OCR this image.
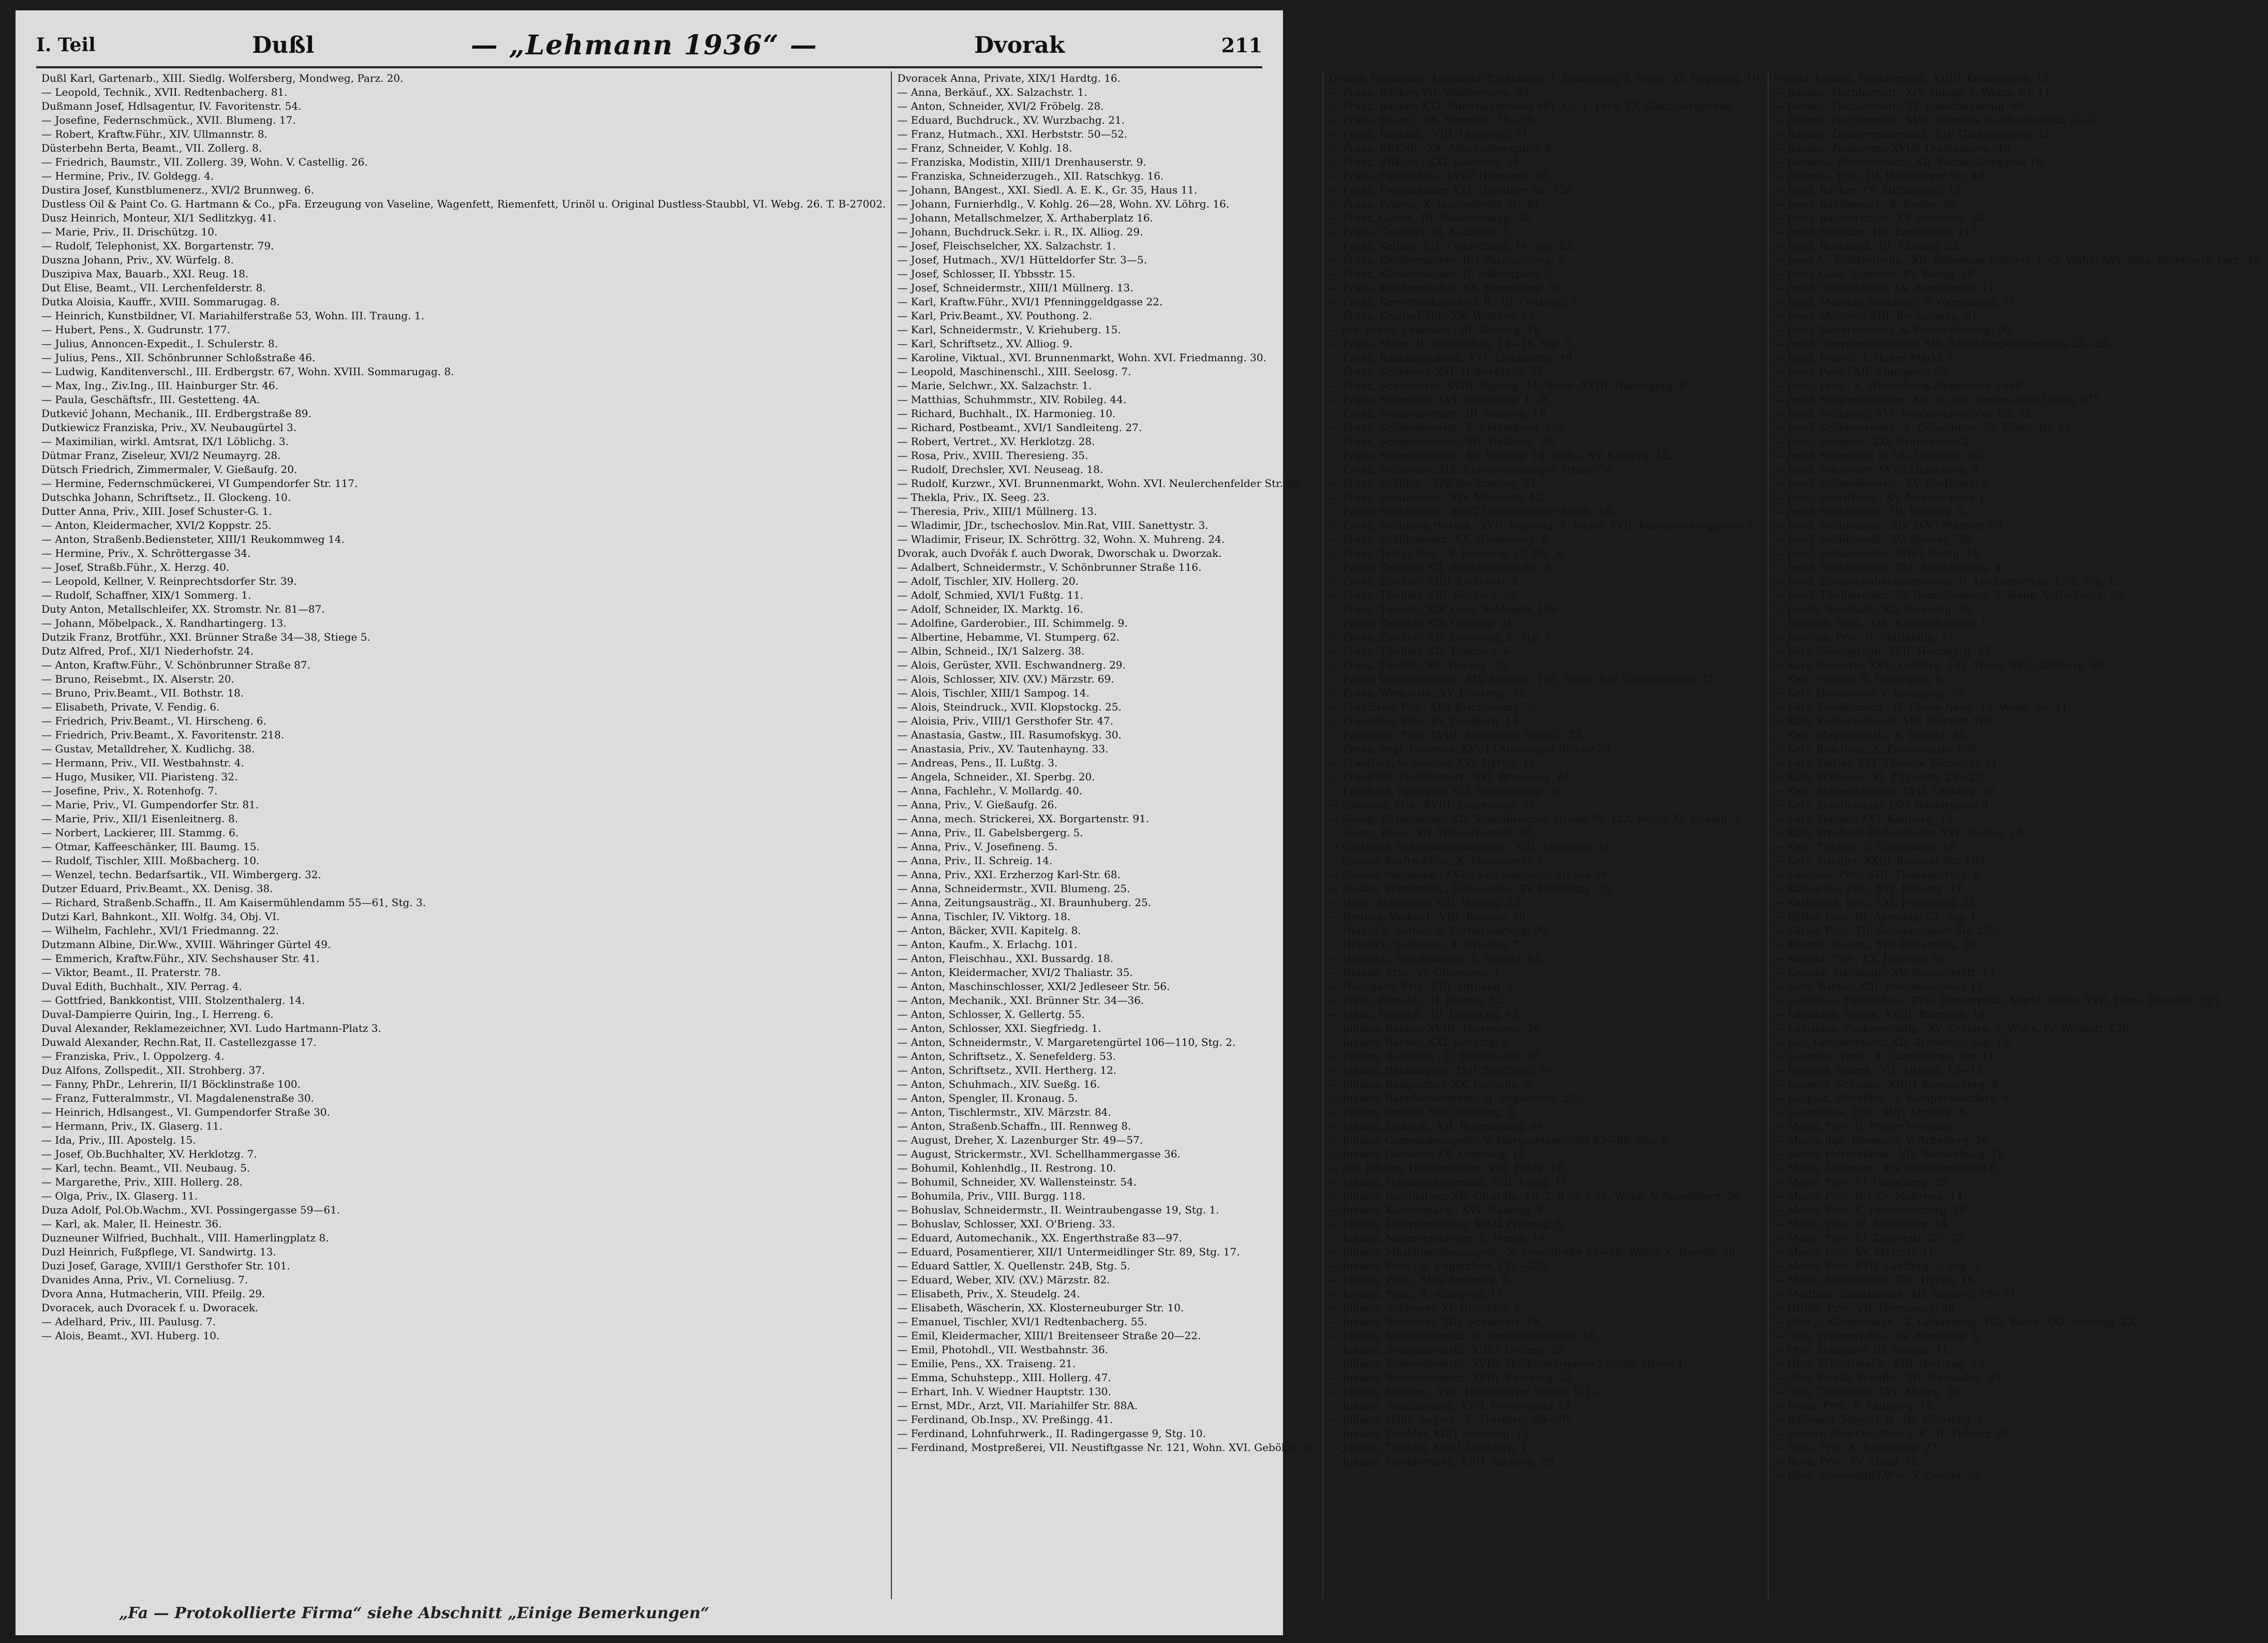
I. Teil	Dußl	— „Lehmann 1936“ —	Dvorak	211

Dußl Karl, Gartenarb., XIII. Siedlg. Wolfersberg, Mondweg, Parz. 20.

— Leopold, Technik., XVII. Redtenbacherg. 81.

Dußmann Josef, Hdlsagentur, IV. Favoritenstr. 54.

— Josefine, Federnschmück., XVII. Blumeng. 17.

— Robert, Kraftw.Führ., XIV. Ullmannstr. 8.

Düsterbehn Berta, Beamt., VII. Zollerg. 8.

— Friedrich, Baumstr., VII. Zollerg. 39, Wohn. V. Castellig. 26.

— Hermine, Priv., IV. Goldegg. 4.

Dustira Josef, Kunstblumenerz., XVI/2 Brunnweg. 6.

Dustless Oil & Paint Co. G. Hartmann & Co., pFa. Erzeugung von Vaseline, Wagenfett, Riemenfett, Urinöl u. Original Dustless-Staubbl, VI. Webg. 26. T. B-27002.

Dusz Heinrich, Monteur, XI/1 Sedlitzkyg. 41.

— Marie, Priv., II. Drischützg. 10.

— Rudolf, Telephonist, XX. Borgartenstr. 79.

Duszna Johann, Priv., XV. Würfelg. 8.

Duszipiva Max, Bauarb., XXI. Reug. 18.

Dut Elise, Beamt., VII. Lerchenfelderstr. 8.

Dutka Aloisia, Kauffr., XVIII. Sommarugag. 8.

— Heinrich, Kunstbildner, VI. Mariahilferstraße 53, Wohn. III. Traung. 1.

— Hubert, Pens., X. Gudrunstr. 177.

— Julius, Annoncen-Expedit., I. Schulerstr. 8.

— Julius, Pens., XII. Schönbrunner Schloßstraße 46.

— Ludwig, Kanditenverschl., III. Erdbergstr. 67, Wohn. XVIII. Sommarugag. 8.

— Max, Ing., Ziv.Ing., III. Hainburger Str. 46.

— Paula, Geschäftsfr., III. Gestetteng. 4A.

Dutkević Johann, Mechanik., III. Erdbergstraße 89.

Dutkiewicz Franziska, Priv., XV. Neubaugürtel 3.

— Maximilian, wirkl. Amtsrat, IX/1 Löblichg. 3.

Dütmar Franz, Ziseleur, XVI/2 Neumayrg. 28.

Dütsch Friedrich, Zimmermaler, V. Gießaufg. 20.

— Hermine, Federnschmückerei, VI Gumpendorfer Str. 117.

Dutschka Johann, Schriftsetz., II. Glockeng. 10.

Dutter Anna, Priv., XIII. Josef Schuster-G. 1.

— Anton, Kleidermacher, XVI/2 Koppstr. 25.

— Anton, Straßenb.Bediensteter, XIII/1 Reukommweg 14.

— Hermine, Priv., X. Schröttergasse 34.

— Josef, Straßb.Führ., X. Herzg. 40.

— Leopold, Kellner, V. Reinprechtsdorfer Str. 39.

— Rudolf, Schaffner, XIX/1 Sommerg. 1.

Duty Anton, Metallschleifer, XX. Stromstr. Nr. 81—87.

— Johann, Möbelpack., X. Randhartingerg. 13.

Dutzik Franz, Brotführ., XXI. Brünner Straße 34—38, Stiege 5.

Dutz Alfred, Prof., XI/1 Niederhofstr. 24.

— Anton, Kraftw.Führ., V. Schönbrunner Straße 87.

— Bruno, Reisebmt., IX. Alserstr. 20.

— Bruno, Priv.Beamt., VII. Bothstr. 18.

— Elisabeth, Private, V. Fendig. 6.

— Friedrich, Priv.Beamt., VI. Hirscheng. 6.

— Friedrich, Priv.Beamt., X. Favoritenstr. 218.

— Gustav, Metalldreher, X. Kudlichg. 38.

— Hermann, Priv., VII. Westbahnstr. 4.

— Hugo, Musiker, VII. Piaristeng. 32.

— Josefine, Priv., X. Rotenhofg. 7.

— Marie, Priv., VI. Gumpendorfer Str. 81.

— Marie, Priv., XII/1 Eisenleitnerg. 8.

— Norbert, Lackierer, III. Stammg. 6.

— Otmar, Kaffeeschänker, III. Baumg. 15.

— Rudolf, Tischler, XIII. Moßbacherg. 10.

— Wenzel, techn. Bedarfsartik., VII. Wimbergerg. 32.

Dutzer Eduard, Priv.Beamt., XX. Denisg. 38.

— Richard, Straßenb.Schaffn., II. Am Kaisermühlendamm 55—61, Stg. 3.

Dutzi Karl, Bahnkont., XII. Wolfg. 34, Obj. VI.

— Wilhelm, Fachlehr., XVI/1 Friedmanng. 22.

Dutzmann Albine, Dir.Ww., XVIII. Währinger Gürtel 49.

— Emmerich, Kraftw.Führ., XIV. Sechshauser Str. 41.

— Viktor, Beamt., II. Praterstr. 78.

Duval Edith, Buchhalt., XIV. Perrag. 4.

— Gottfried, Bankkontist, VIII. Stolzenthalerg. 14.

Duval-Dampierre Quirin, Ing., I. Herreng. 6.

Duval Alexander, Reklamezeichner, XVI. Ludo Hartmann-Platz 3.

Duwald Alexander, Rechn.Rat, II. Castellezgasse 17.

— Franziska, Priv., I. Oppolzerg. 4.

Duz Alfons, Zollspedit., XII. Strohberg. 37.

— Fanny, PhDr., Lehrerin, II/1 Böcklinstraße 100.

— Franz, Futteralmmstr., VI. Magdalenenstraße 30.

— Heinrich, Hdlsangest., VI. Gumpendorfer Straße 30.

— Hermann, Priv., IX. Glaserg. 11.

— Ida, Priv., III. Apostelg. 15.

— Josef, Ob.Buchhalter, XV. Herklotzg. 7.

— Karl, techn. Beamt., VII. Neubaug. 5.

— Margarethe, Priv., XIII. Hollerg. 28.

— Olga, Priv., IX. Glaserg. 11.

Duza Adolf, Pol.Ob.Wachm., XVI. Possingergasse 59—61.

— Karl, ak. Maler, II. Heinestr. 36.

Duzneuner Wilfried, Buchhalt., VIII. Hamerlingplatz 8.

Duzl Heinrich, Fußpflege, VI. Sandwirtg. 13.

Duzi Josef, Garage, XVIII/1 Gersthofer Str. 101.

Dvanides Anna, Priv., VI. Corneliusg. 7.

Dvora Anna, Hutmacherin, VIII. Pfeilg. 29.

Dvoracek, auch Dvoracek f. u. Dworacek.

— Adelhard, Priv., III. Paulusg. 7.

— Alois, Beamt., XVI. Huberg. 10.

Dvoracek Anna, Private, XIX/1 Hardtg. 16.

— Anna, Berkäuf., XX. Salzachstr. 1.

— Anton, Schneider, XVI/2 Fröbelg. 28.

— Eduard, Buchdruck., XV. Wurzbachg. 21.

— Franz, Hutmach., XXI. Herbststr. 50—52.

— Franz, Schneider, V. Kohlg. 18.

— Franziska, Modistin, XIII/1 Drenhauserstr. 9.

— Franziska, Schneiderzugeh., XII. Ratschkyg. 16.

— Johann, BAngest., XXI. Siedl. A. E. K., Gr. 35, Haus 11.

— Johann, Furnierhdlg., V. Kohlg. 26—28, Wohn. XV. Löhrg. 16.

— Johann, Metallschmelzer, X. Arthaberplatz 16.

— Johann, Buchdruck.Sekr. i. R., IX. Alliog. 29.

— Josef, Fleischselcher, XX. Salzachstr. 1.

— Josef, Hutmach., XV/1 Hütteldorfer Str. 3—5.

— Josef, Schlosser, II. Ybbsstr. 15.

— Josef, Schneidermstr., XIII/1 Müllnerg. 13.

— Karl, Kraftw.Führ., XVI/1 Pfenninggeldgasse 22.

— Karl, Priv.Beamt., XV. Pouthong. 2.

— Karl, Schneidermstr., V. Kriehuberg. 15.

— Karl, Schriftsetz., XV. Alliog. 9.

— Karoline, Viktual., XVI. Brunnenmarkt, Wohn. XVI. Friedmanng. 30.

— Leopold, Maschinenschl., XIII. Seelosg. 7.

— Marie, Selchwr., XX. Salzachstr. 1.

— Matthias, Schuhmmstr., XIV. Robileg. 44.

— Richard, Buchhalt., IX. Harmonieg. 10.

— Richard, Postbeamt., XVI/1 Sandleiteng. 27.

— Robert, Vertret., XV. Herklotzg. 28.

— Rosa, Priv., XVIII. Theresieng. 35.

— Rudolf, Drechsler, XVI. Neuseag. 18.

— Rudolf, Kurzwr., XVI. Brunnenmarkt, Wohn. XVI. Neulerchenfelder Str. 38.

— Thekla, Priv., IX. Seeg. 23.

— Theresia, Priv., XIII/1 Müllnerg. 13.

— Wladimir, JDr., tschechoslov. Min.Rat, VIII. Sanettystr. 3.

— Wladimir, Friseur, IX. Schröttrg. 32, Wohn. X. Muhreng. 24.

Dvorak, auch Dvořák f. auch Dworak, Dworschak u. Dworzak.

— Adalbert, Schneidermstr., V. Schönbrunner Straße 116.

— Adolf, Tischler, XIV. Hollerg. 20.

— Adolf, Schmied, XVI/1 Fußtg. 11.

— Adolf, Schneider, IX. Marktg. 16.

— Adolfine, Garderobier., III. Schimmelg. 9.

— Albertine, Hebamme, VI. Stumperg. 62.

— Albin, Schneid., IX/1 Salzerg. 38.

— Alois, Gerüster, XVII. Eschwandnerg. 29.

— Alois, Schlosser, XIV. (XV.) Märzstr. 69.

— Alois, Tischler, XIII/1 Sampog. 14.

— Alois, Steindruck., XVII. Klopstockg. 25.

— Aloisia, Priv., VIII/1 Gersthofer Str. 47.

— Anastasia, Gastw., III. Rasumofskyg. 30.

— Anastasia, Priv., XV. Tautenhayng. 33.

— Andreas, Pens., II. Lußtg. 3.

— Angela, Schneider., XI. Sperbg. 20.

— Anna, Fachlehr., V. Mollardg. 40.

— Anna, Priv., V. Gießaufg. 26.

— Anna, mech. Strickerei, XX. Borgartenstr. 91.

— Anna, Priv., II. Gabelsbergerg. 5.

— Anna, Priv., V. Josefineng. 5.

— Anna, Priv., II. Schreig. 14.

— Anna, Priv., XXI. Erzherzog Karl-Str. 68.

— Anna, Schneidermstr., XVII. Blumeng. 25.

— Anna, Zeitungsausträg., XI. Braunhuberg. 25.

— Anna, Tischler, IV. Viktorg. 18.

— Anton, Bäcker, XVII. Kapitelg. 8.

— Anton, Kaufm., X. Erlachg. 101.

— Anton, Fleischhau., XXI. Bussardg. 18.

— Anton, Kleidermacher, XVI/2 Thaliastr. 35.

— Anton, Maschinschlosser, XXI/2 Jedleseer Str. 56.

— Anton, Mechanik., XXI. Brünner Str. 34—36.

— Anton, Schlosser, X. Gellertg. 55.

— Anton, Schlosser, XXI. Siegfriedg. 1.

— Anton, Schneidermstr., V. Margaretengürtel 106—110, Stg. 2.

— Anton, Schriftsetz., X. Senefelderg. 53.

— Anton, Schriftsetz., XVII. Hertherg. 12.

— Anton, Schuhmach., XIV. Sueßg. 16.

— Anton, Spengler, II. Kronaug. 5.

— Anton, Tischlermstr., XIV. Märzstr. 84.

— Anton, Straßenb.Schaffn., III. Rennweg 8.

— August, Dreher, X. Lazenburger Str. 49—57.

— August, Strickermstr., XVI. Schellhammergasse 36.

— Bohumil, Kohlenhdlg., II. Restrong. 10.

— Bohumil, Schneider, XV. Wallensteinstr. 54.

— Bohumila, Priv., VIII. Burgg. 118.

— Bohuslav, Schneidermstr., II. Weintraubengasse 19, Stg. 1.

— Bohuslav, Schlosser, XXI. O'Brieng. 33.

— Eduard, Automechanik., XX. Engerthstraße 83—97.

— Eduard, Posamentierer, XII/1 Untermeidlinger Str. 89, Stg. 17.

— Eduard Sattler, X. Quellenstr. 24B, Stg. 5.

— Eduard, Weber, XIV. (XV.) Märzstr. 82.

— Elisabeth, Priv., X. Steudelg. 24.

— Elisabeth, Wäscherin, XX. Klosterneuburger Str. 10.

— Emanuel, Tischler, XVI/1 Redtenbacherg. 55.

— Emil, Kleidermacher, XIII/1 Breitenseer Straße 20—22.

— Emil, Photohdl., VII. Westbahnstr. 36.

— Emilie, Pens., XX. Traiseng. 21.

— Emma, Schuhstepp., XIII. Hollerg. 47.

— Erhart, Inh. V. Wiedner Hauptstr. 130.

— Ernst, MDr., Arzt, VII. Mariahilfer Str. 88A.

— Ferdinand, Ob.Insp., XV. Preßingg. 41.

— Ferdinand, Lohnfuhrwerk., II. Radingergasse 9, Stg. 10.

— Ferdinand, Mostpreßerei, VII. Neustiftgasse Nr. 121, Wohn. XVI. Gebökg. 38.

Dvorak Ferdinand, Automobil-Ersatzteile, I. Stubenring 2, Wohn. XI. Dopplerg. 10.

— Franz, Bäcker, VII. Wimbergerg. 23.

— Franz, Bäcker, XXI. Biberhaufenweg 481, Gr. 1, Parz. 27, Glattauergründe.

— Franz, Beamt., XX. Stromstr. 74—76.

— Franz, Buchbdl., VIII. Lercheng. 11.

— Franz, BBKrdl., XX. Allerheiligenplatz 8.

— Franz, BBKvid., XXI. Kolonistr. 54.

— Franz, Fleischhau., XVI/2 Hasnerstr. 91.

— Franz, Fleischhauer, XXI. Dresdner Str. 126.

— Franz, Friseur, X. Inzersdorfer Str. 81.

— Franz, Gastw., III. Rasumofskyg. 30.

— Franz, Gastwirt, VI. Kaunitzg. 1.

— Franz, Kellner, XIX. Obkircherg. 16, Stg. 12.

— Franz, Kleidermacher, II/1 Pazmaniteng. 2.

— Franz, Kleidermacher, II. Volkertplatz 5.

— Franz, Kleidermacher, XX. Hannoverg. 16.

— Franz, Korvettenkapitän i. R., III. Oetzeltg. 3.

— Franz, Kraftw.Führ., XX. Winterg. 14.

— jun. Franz, Lebensm., III. Reinerg. 18.

— Franz, Maler, II. Wolmuthstr. 14—16, Stg. 5.

— Franz, Rauchfangkehr., XVI. Liebhardtg. 49.

— Franz, Schlosser, XXI. Hubertusstr. 32.

— Franz, Schlosserei, XVIII. Riglerg. 14, Wohn. XVIII. Haizingerg. 8.

— Franz, Schneider, XVI. Domanigg. 1—9.

— Franz, Schneidermstr., III. Reinerg. 18.

— Franz, Schneidermstr., X. Columbusg. 102.

— Franz, Schneidermstr., XII. Wallaitig. 20.

— Franz, Schneidermstr., XV. Spaung. 14, Wohn. XV. Kluckyg. 12.

— Franz, Schneider, XIX. Klosterneuburger Straße 56.

— Franz, Schuhm., XIV. Beckmanng. 21.

— Franz, Schuhmach., XIV. Meiselstr. 43.

— Franz, Schuhmach., XVI/2 Lerchenfelder Straße 68.

— Franz, Schuhrep.Werkst., XVII. Kapitelg. 8, Wohn. XVII. Kalvarienberggasse 8.

— Franz, Schuhmmstr., XX. Hannoverg. 6.

— Franz, Telegr.Insp., X. Kennerg. 10, Stg. 6.

— Franz, Tischler, XII. Breitenfurter Str. 4.

— Franz, Tischler, XII/1 Eichenstr. 8.

— Franz, Tischler, XIII. Ruckerg. 20.

— Franz, Tischler, XIV. Gold. Schlagstr. 126.

— Franz, Tischler, XIV. Grimmg. 21.

— Franz, Tischler, XIV. Oelweing. 6, Stg. 2.

— Franz, Tischler, XIV. Pantzerg. 6.

— Franz, Tischler, XV. Spaung. 23.

— Franz, Viktualienhdlg., XIV. Märzstr. 120, Wohn. XIV. Goldschlagstr. 22.

— Franz, Werkmstr., XV. Hackeng. 22.

— Franziska, Priv., XI/1 Krichbaumg. 7.

— Franziska, Priv., XV. Denglerg. 14.

— Franziska, Priv., XVIII. Anastasius Grün-G. 23.

— Freda, engl. Lehrerin, XVI/1 Ottakringer Straße 20.

— Friedrich, Schneider, XVI. Hyrtlg. 14.

— Friedrich, Tischlermstr., XVI. Brunneng. 64.

— Friedrich, Spengler, XVI. Grundsteing. 38.

— Gabriele, Priv., XVIII. Theresieng. 46.

— Georg, Futtermittel, XII. Schönbrunner Straße Nr. 122, Wohn. XI. Ehamg. 4.

— Georg, Pens., XII. Wienerbergstr. 26.

— Gottfried, Schlafwagenkontroll., XIII. Antaeusg. 31.

— Gustav, Kraftw.Führ., X. Thrnauer G. 4.

— Gustav, Mechanik., XVI/2 Lerchenfelder Straße 39.

— Gustav, Schriftstell., Schauspiel., XV. Herklotzg. 25.

— Hans, Schneider, XIII. Hollerg. 23.

— Hedwig, Verkäuf., VIII. Bennog. 30.

— Heinrich, Sattler, X. Pernerstorferg. 90.

— Heinrich, Schlosser, X. Erlachg. 7.

— Heinrich, Schuhmmstr., X. Davidg. 62.

— Helene, Priv., VI. Gfrornerg. 4.

— Hildegard, Priv., VIII. Ottliebg. 1.

— Jakob, Postabjt., II. Baumg. 52.

— Jakob, Postabjt., III. Dietrichg. 45.

— Johann, Bäcker, XVIII. Theresieng. 28.

— Johann, Bäcker, XXI. Schulzg. 5.

— Johann, Badedien., II. Schüttaustr. 67.

— Johann, Bankangest., IX/1 Bleicherg. 10.

— Johann, Baugeidner, XX. Pielachg. 3.

— Johann, Bahnbediensteter, II. Engerthstr. 203.

— Johann, Dreher, XIV. Ohdoferg. 8.

— Johann, Elektrik., XII. Rotenmühlg. 64.

— Johann, Gemeindeangest., V. Margaretengürtel 82—88, Stg. 5.

— Johann, Gerüster, XX. Othmarg. 16.

— jun. Johann, Holzdrechsler, VIII. Feldg. 19.

— Johann, Holzdrechslermstr., VIII. Feldg. 19.

— Johann, Installateur, XII. Girardig. 10, T. B-29-7-41, Wohn. V. Angeliberg. 30.

— Johann, Kleidermach., XVI. Haberlg. 8.

— Johann, Laternenwärter, XIX/2 Probusg. 6.

— Johann, Marmorschleifer, X. Herzg. 14.

— Johann, Maschinenbauangest., X. Troststraße 94—96, Wohn. X. Davidg. 96.

— Johann, Pens., II. Engerthstr. 231—233.

— Johann, Pens., XII/2 Severing. 6.

— Johann, Pens., X. Altingerg. 18.

— Johann, Schlosser, XI. Drischüg. 6.

— Johann, Schlosser, XIII. Schanzstr. 19.

— Johann, Schneidermstr., II. Arnezhoferstraße 10.

— Johann, Schneidermstr., XIII/1 Hollerg. 23.

— Johann, Schneidermstr., XVI/2 Thalhaimergasse 32—38, Stiege 1.

— Johann, Schneidermstr., XVIII. Edelhofg. 22.

— Johann, Schuhm., VIII. Hütteldorfer Straße 111a.

— Johann, Schuhmmstr., XVII. Dornerplatz 13.

— Johann, städt. Angest., X. Trostbstr. 68—70.

— Johann, Tischler, XII/1 Sechterg. 15.

— Johann, Tischler, XIV/1 Dunklerg. 1.

— Johann, Tischlermstr., XII/1 Ruckerg. 29.

Dvorak Johann, Tischlermstr., XIII/1 Klenmayerg. 19.

— Johann, Tischlermstr., XIV. Huglg. 9, Wohn. Nr. 11.

— Johann, Tischlermstr., XV. Loeschenkohlg. 40.

— Johann, Tischlermstr., XVII. Clemens Hoffbauer-Platz 2—3.

— Johann, Zimmermalermstr., XIV. Goldschlagstr. 22.

— Johann, Zimmerm., XVI/2 Thalhaimerg. 49.

— Johanna, Blumenmach., XII. Pachmüllergasse 16.

— Johanna, Priv., III. Hainburger Str. 48.

— Josef, Bäcker, XV. Stiftsbachg. 13.

— Josef, Bahnbeamt., X. Keebg. 20.

— Josef, Bauwerkführ., XV. Deublerg. 40.

— Josef, Brotführ., II/1 Engerthstr. 217.

— Josef, Buchbind., III. Khunng. 22.

— Josef A., Elektrotechn., XII. Sebastian Kelch-G. 1—3, Wohn. XVI. Sdlg. Montleart, Parz. 49.

— Josef, Gold. Schmied, XV. Burgg. 58.

— Josef, Goldschmied, XV. Burghardtg. 12.

— Josef, Maschin.Schlosser, V. Vogelsangg. 31.

— Josef, Monteur, XIII. Beckmanng. 61.

— Josef, Nachtwächter, X. Pernerstorferg. 90.

— Josef, Opernbediensteter, XIV. Rauchfangkehrergasse 23—25.

— Josef, Pelzwr., I. Hoher Markt 3.

— Josef, Pens., XII. Stumperg. 62.

— Josef, Pens., X. Wienerberg-Ziegelwerk 146B.

— Josef, Schirmdrechsler, XII. An der oberen alten Donau 871.

— Josef, Schlosser, XVI. Neulerchenfelder Str. 82.

— Josef, Schlossermstr., X. Columbusg. 70, Wohn. Nr. 65.

— Josef, Schmied, XXI. Brunnenhof 2.

— Josef, Schneider, II. Ob. Donaustr. 63.

— Josef, Schneider, XVI/2 Habicherg. 4.

— Josef, Schneidermstr., XV. Pouthong. 2.

— Josef, Schriftsetz., XV. Neusserplatz 1.

— Josef, Schuhmach., III. Paulusg. 5.

— Josef, Schuhmach., XIV. (XV.) Märzstr. 69.

— Josef, Schuhmach., XV. Spaung. 38.

— Josef, Schuhmmstr., XIII/1 Rissig. 15.

— Josef, Schuhmmstr., XVI. Birdhetterng. 4.

— Josef, Straßenbahnbediensteter, II. Lechnerstraße 1—5, Stg. 1.

— Josef, Tischlermstr., VI. Dominikanerg. 9, Wohn. V. Gießaufg. 26.

— Josefa, Buchhalt., XII. Bivenotg. 20.

— Josefine, Pens., XIX. Krottenbachstr. 1.

— Josefine, Priv., II. Marinellig. 17.

— Karl, Chemigraph, XVII. Hormayrg. 27.

— Karl, Drogerie, XVII. Geblerg. 102, Wohn. XVI. Gablenzg. 64.

— Karl, Friseur, II. Pauluspatz 9.

— Karl, Hutmacher, V. Spengerg. 52.

— Karl, Kleidermach., IV. Obere Neug. 15, Wohn. Nr. 11.

— Karl, Kupferschmied, XIV. Märzstr. 108.

— Karl, Magazinsarb., X. Davidg. 34.

— Karl, Ran.Insp., X. Favoritenstr. 158.

— Karl, Sattler, XVI. Theodor Körner-G. 24.

— Karl, Schlosser, XI. Zipperstr. 23—27.

— Karl, Schneidermstr., XVII. Lackerg. 36.

— Karl, Schriftsetzer, IX/1 Bindergasse 4.

— Karl, Selcher, XVI. Kaltnerg. 13.

— Karl, Straßenb.Bediensteter, XVI. Ovellig. 15.

— Karl, Tischler, V. Einsiedlerg. 19.

— Karl, Tischler, XXI/1 Brünner Str. 103.

— Karoline, Priv., XIII. Tiefendorferg. 8.

— Katharina, Priv., XVI. Römerg. 17.

— Katharina, Priv., XXI. Jeneweing. 33.

— Käthe, Priv., III. Apostelg. 22, Stg. 1.

— Käthe, Priv., XII. Schönbrunner Str. 235.

— Konrad, Beamt., XIV. Rotlandstg. 39.

— Konrad, Priv., XX. Jägerstr. 96.

— Konrad, Stickmstr., XV. Nauscherstr. 13.

— Kurt, Wirker, XIII. Ameisbachzeile 15.

— Ladislaus, Fleischhau., XVII. Dornerplatz, Markt, Wohn. XVII. Hern. Hauptstr. 221.

— Ladislaus, Gastw., XVIII. Blumeng. 18.

— Ladislaus, Zuckerwrhdlg., XV. Zedlerg. 7, Wohn. IV. Wehlistr. 220.

— Leo, Geschäftsleit., XII. Armenhof, Stg. 10.

— Leontine, Pens., X. Lazenburger Str. 41.

— Leopold, Beamt., VII. Altmbg. 13—15.

— Leopold, Schuhm., XIII/1 Kienmayerg. 9.

— Leopold, Werkführ., V. Rampersdorfferg. 4.

— Leopoldine, Priv., XII/1 Stryckg. 4.

— Maria, Priv., II. Prater Verwaltg.

— Maria, dipl. Pflegerin, V. Arbeiterg. 28.

— Maria, Herrenkleid., VII. Wickenburg. 18.

— Maria, Lebensm., XIV. Wieningerplatz 6.

— Marie, Priv., VI. Halocherg. 25.

— Marie, Priv., II/1 Gr. Mohreng. 14.

— Marie, Priv., X. Pernerstorferg. 28.

— Marie, Priv., XI. Sedlitzkyg. 14.

— Marie, Priv., XI. Zipperstr. 23—27.

— Marie, Priv., XV. Märzstr. 11.

— Marie, Priv., XVII. Gräfferg. 5, Stg. 3.

— Marie, Schneiderin, XVI. Hyrtlg. 16.

— Matthias, Bankkontist, XII. Bajaerg. 29—31.

— Ottilie, Priv., VII. Hermanng. 30.

— Otto J., Kleidermach., X. Columbusg. 102, Wohn. XXI. Immeng. 23.

— Otto, Papierwr.Erz., XV. Arnsteing. 4.

— Otto, Schlosser, III. Baumg. 11.

— Otto, Schnittmach., XIII. Iheringg. 19.

— Otto, Straßb.Schaffn., XII. Neuwaldg. 49.

— Otto, Tapezierer, XVI. Abeleg. 19.

— Paula, Priv., V. Rüdigerg. 16.

— Raimund, Major i. R., III. Klimschg. 2.

— Robert, Post-Ob.Offizl. i. R., II. Ybbsstr. 28.

— Rosa, Priv., X. Rotenhofg. 27.

— Rosa, Priv., XV. Tiliag. 58.

— Rosa, Steuerofficl.Ww., V. Zentag. 20.

„Fa — Protokollierte Firma“ siehe Abschnitt „Einige Bemerkungen“
